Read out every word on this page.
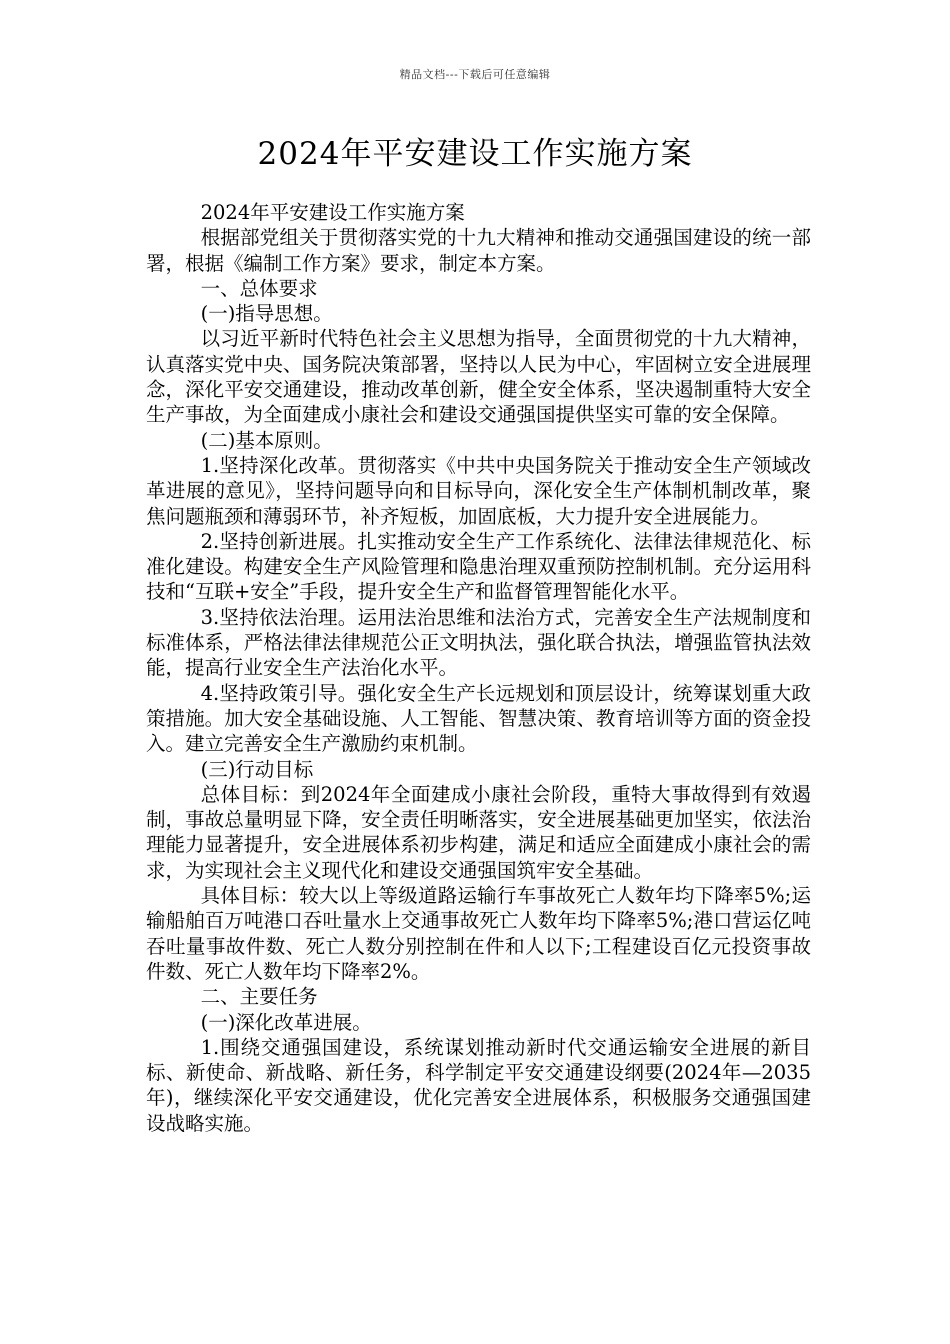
精品文档---下载后可任意编辑
2024年平安建设工作实施方案

2024年平安建设工作实施方案

根据部党组关于贯彻落实党的十九大精神和推动交通强国建设的统一部署，根据《编制工作方案》要求，制定本方案。

一、总体要求

(一)指导思想。

以习近平新时代特色社会主义思想为指导，全面贯彻党的十九大精神，认真落实党中央、国务院决策部署，坚持以人民为中心，牢固树立安全进展理念，深化平安交通建设，推动改革创新，健全安全体系，坚决遏制重特大安全生产事故，为全面建成小康社会和建设交通强国提供坚实可靠的安全保障。

(二)基本原则。

1.坚持深化改革。贯彻落实《中共中央国务院关于推动安全生产领域改革进展的意见》，坚持问题导向和目标导向，深化安全生产体制机制改革，聚焦问题瓶颈和薄弱环节，补齐短板，加固底板，大力提升安全进展能力。

2.坚持创新进展。扎实推动安全生产工作系统化、法律法律规范化、标准化建设。构建安全生产风险管理和隐患治理双重预防控制机制。充分运用科技和“互联+安全”手段，提升安全生产和监督管理智能化水平。

3.坚持依法治理。运用法治思维和法治方式，完善安全生产法规制度和标准体系，严格法律法律规范公正文明执法，强化联合执法，增强监管执法效能，提高行业安全生产法治化水平。

4.坚持政策引导。强化安全生产长远规划和顶层设计，统筹谋划重大政策措施。加大安全基础设施、人工智能、智慧决策、教育培训等方面的资金投入。建立完善安全生产激励约束机制。

(三)行动目标

总体目标：到2024年全面建成小康社会阶段，重特大事故得到有效遏制，事故总量明显下降，安全责任明晰落实，安全进展基础更加坚实，依法治理能力显著提升，安全进展体系初步构建，满足和适应全面建成小康社会的需求，为实现社会主义现代化和建设交通强国筑牢安全基础。

具体目标：较大以上等级道路运输行车事故死亡人数年均下降率5%;运输船舶百万吨港口吞吐量水上交通事故死亡人数年均下降率5%;港口营运亿吨吞吐量事故件数、死亡人数分别控制在件和人以下;工程建设百亿元投资事故件数、死亡人数年均下降率2%。

二、主要任务

(一)深化改革进展。

1.围绕交通强国建设，系统谋划推动新时代交通运输安全进展的新目标、新使命、新战略、新任务，科学制定平安交通建设纲要(2024年—2035年)，继续深化平安交通建设，优化完善安全进展体系，积极服务交通强国建设战略实施。
